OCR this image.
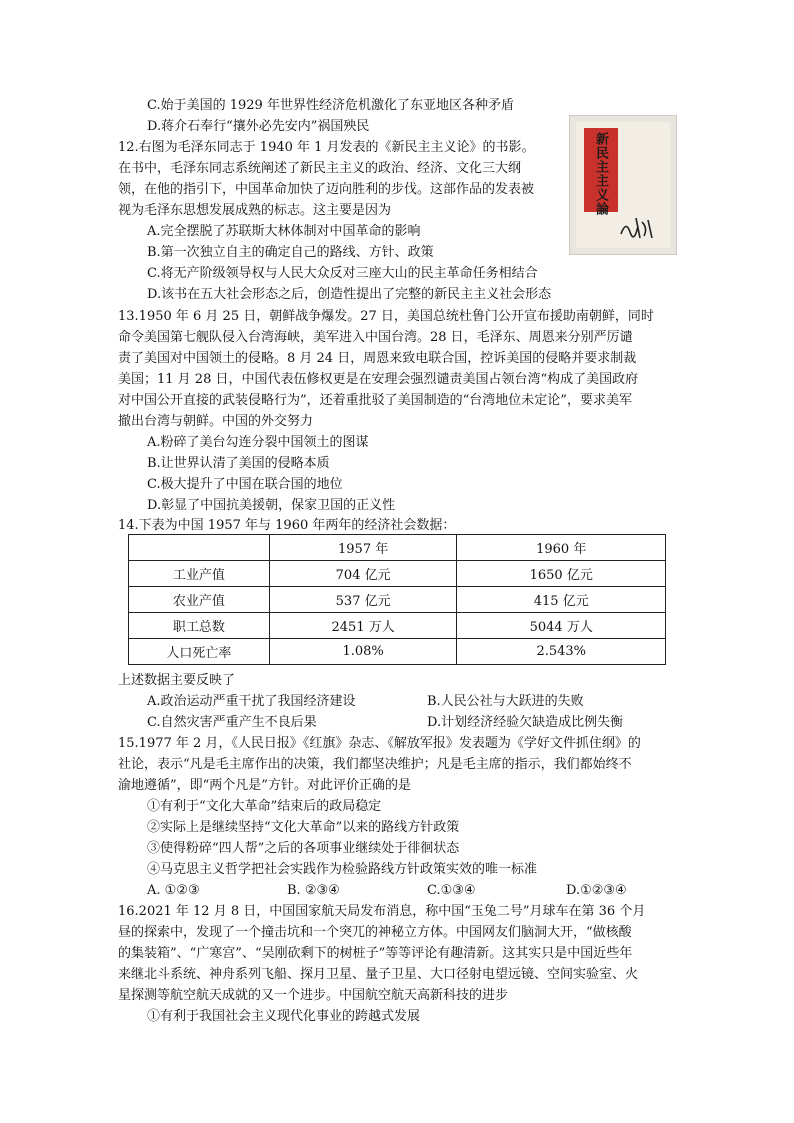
C.始于美国的 1929 年世界性经济危机激化了东亚地区各种矛盾
D.蒋介石奉行“攘外必先安内”祸国殃民
12.右图为毛泽东同志于 1940 年 1 月发表的《新民主主义论》的书影。
在书中，毛泽东同志系统阐述了新民主主义的政治、经济、文化三大纲
领，在他的指引下，中国革命加快了迈向胜利的步伐。这部作品的发表被
视为毛泽东思想发展成熟的标志。这主要是因为
A.完全摆脱了苏联斯大林体制对中国革命的影响
B.第一次独立自主的确定自己的路线、方针、政策
C.将无产阶级领导权与人民大众反对三座大山的民主革命任务相结合
D.该书在五大社会形态之后，创造性提出了完整的新民主主义社会形态
新民主主义論
13.1950 年 6 月 25 日，朝鲜战争爆发。27 日，美国总统杜鲁门公开宣布援助南朝鲜，同时
命令美国第七舰队侵入台湾海峡，美军进入中国台湾。28 日，毛泽东、周恩来分别严厉谴
责了美国对中国领土的侵略。8 月 24 日，周恩来致电联合国，控诉美国的侵略并要求制裁
美国；11 月 28 日，中国代表伍修权更是在安理会强烈谴责美国占领台湾“构成了美国政府
对中国公开直接的武装侵略行为”，还着重批驳了美国制造的“台湾地位未定论”，要求美军
撤出台湾与朝鲜。中国的外交努力
A.粉碎了美台勾连分裂中国领土的图谋
B.让世界认清了美国的侵略本质
C.极大提升了中国在联合国的地位
D.彰显了中国抗美援朝，保家卫国的正义性
14.下表为中国 1957 年与 1960 年两年的经济社会数据：
	1957 年	1960 年
工业产值	704 亿元	1650 亿元
农业产值	537 亿元	415 亿元
职工总数	2451 万人	5044 万人
人口死亡率	1.08%	2.543%
上述数据主要反映了
A.政治运动严重干扰了我国经济建设	B.人民公社与大跃进的失败
C.自然灾害严重产生不良后果	D.计划经济经验欠缺造成比例失衡
15.1977 年 2 月，《人民日报》《红旗》杂志、《解放军报》发表题为《学好文件抓住纲》的
社论，表示“凡是毛主席作出的决策，我们都坚决维护；凡是毛主席的指示，我们都始终不
渝地遵循”，即“两个凡是”方针。对此评价正确的是
①有利于“文化大革命”结束后的政局稳定
②实际上是继续坚持“文化大革命”以来的路线方针政策
③使得粉碎“四人帮”之后的各项事业继续处于徘徊状态
④马克思主义哲学把社会实践作为检验路线方针政策实效的唯一标准
A. ①②③	B. ②③④	C.①③④	D.①②③④
16.2021 年 12 月 8 日，中国国家航天局发布消息，称中国“玉兔二号”月球车在第 36 个月
昼的探索中，发现了一个撞击坑和一个突兀的神秘立方体。中国网友们脑洞大开，“做核酸
的集装箱”、“广寒宫”、“吴刚砍剩下的树桩子”等等评论有趣清新。这其实只是中国近些年
来继北斗系统、神舟系列飞船、探月卫星、量子卫星、大口径射电望远镜、空间实验室、火
星探测等航空航天成就的又一个进步。中国航空航天高新科技的进步
①有利于我国社会主义现代化事业的跨越式发展
